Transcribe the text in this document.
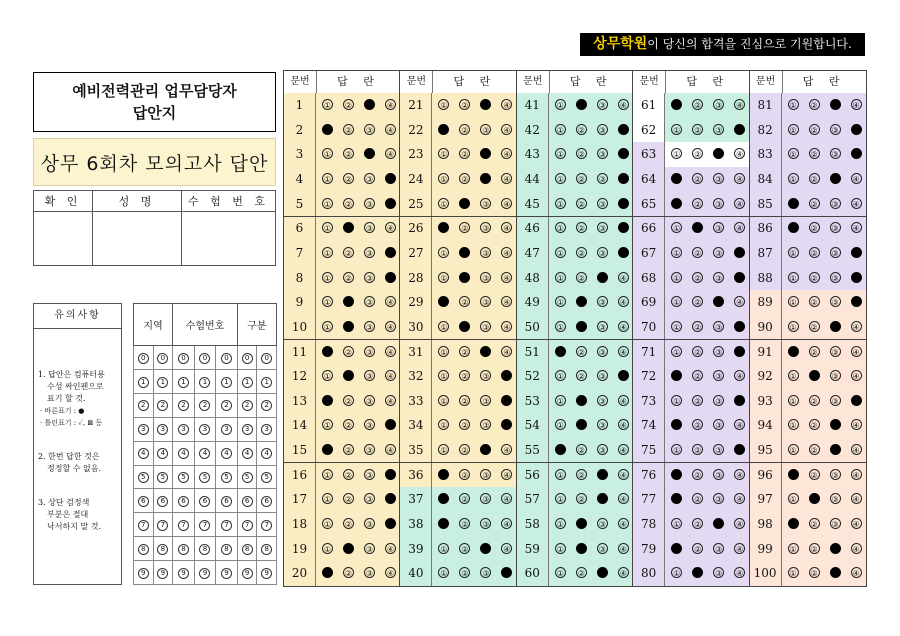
상무학원이 당신의 합격을 진심으로 기원합니다.
예비전력관리 업무담당자
답안지
상무 6회차 모의고사 답안
확 인	성 명	수 험 번 호

유의사항
1. 답안은 컴퓨터용
수성 싸인펜으로
표기 할 것.
· 바른표기 : ●
· 틀린표기 : ✓, ⊠ 등
2. 한번 답한 것은
정정할 수 없음.
3. 상단 검정색
부분은 절대
낙서하지 말 것.
지역		수험번호			구분	
0	0	0	0	0	0	0
1	1	1	1	1	1	1
2	2	2	2	2	2	2
3	3	3	3	3	3	3
4	4	4	4	4	4	4
5	5	5	5	5	5	5
6	6	6	6	6	6	6
7	7	7	7	7	7	7
8	8	8	8	8	8	8
9	9	9	9	9	9	9
문번	답 란
1	① ② ③ ④
2	① ② ③ ④
3	① ② ③ ④
4	① ② ③ ④
5	① ② ③ ④
6	① ② ③ ④
7	① ② ③ ④
8	① ② ③ ④
9	① ② ③ ④
10	① ② ③ ④
11	① ② ③ ④
12	① ② ③ ④
13	① ② ③ ④
14	① ② ③ ④
15	① ② ③ ④
16	① ② ③ ④
17	① ② ③ ④
18	① ② ③ ④
19	① ② ③ ④
20	① ② ③ ④
문번	답 란
21	① ② ③ ④
22	① ② ③ ④
23	① ② ③ ④
24	① ② ③ ④
25	① ② ③ ④
26	① ② ③ ④
27	① ② ③ ④
28	① ② ③ ④
29	① ② ③ ④
30	① ② ③ ④
31	① ② ③ ④
32	① ② ③ ④
33	① ② ③ ④
34	① ② ③ ④
35	① ② ③ ④
36	① ② ③ ④
37	① ② ③ ④
38	① ② ③ ④
39	① ② ③ ④
40	① ② ③ ④
문번	답 란
41	① ② ③ ④
42	① ② ③ ④
43	① ② ③ ④
44	① ② ③ ④
45	① ② ③ ④
46	① ② ③ ④
47	① ② ③ ④
48	① ② ③ ④
49	① ② ③ ④
50	① ② ③ ④
51	① ② ③ ④
52	① ② ③ ④
53	① ② ③ ④
54	① ② ③ ④
55	① ② ③ ④
56	① ② ③ ④
57	① ② ③ ④
58	① ② ③ ④
59	① ② ③ ④
60	① ② ③ ④
문번	답 란
61	① ② ③ ④
62	① ② ③ ④
63	① ② ③ ④
64	① ② ③ ④
65	① ② ③ ④
66	① ② ③ ④
67	① ② ③ ④
68	① ② ③ ④
69	① ② ③ ④
70	① ② ③ ④
71	① ② ③ ④
72	① ② ③ ④
73	① ② ③ ④
74	① ② ③ ④
75	① ② ③ ④
76	① ② ③ ④
77	① ② ③ ④
78	① ② ③ ④
79	① ② ③ ④
80	① ② ③ ④
문번	답 란
81	① ② ③ ④
82	① ② ③ ④
83	① ② ③ ④
84	① ② ③ ④
85	① ② ③ ④
86	① ② ③ ④
87	① ② ③ ④
88	① ② ③ ④
89	① ② ③ ④
90	① ② ③ ④
91	① ② ③ ④
92	① ② ③ ④
93	① ② ③ ④
94	① ② ③ ④
95	① ② ③ ④
96	① ② ③ ④
97	① ② ③ ④
98	① ② ③ ④
99	① ② ③ ④
100	① ② ③ ④
